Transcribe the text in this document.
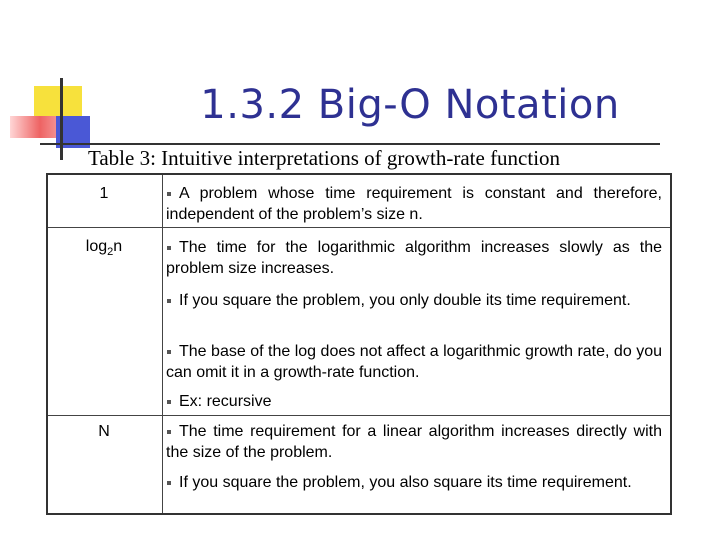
1.3.2 Big-O Notation
Table 3: Intuitive interpretations of growth-rate function
1	A problem whose time requirement is constant and therefore, independent of the problem’s size n.
$\log_2n$	The time for the logarithmic algorithm increases slowly as the problem size increases.
If you square the problem, you only double its time requirement.
The base of the log does not affect a logarithmic growth rate, do you can omit it in a growth-rate function.
Ex: recursive
N	The time requirement for a linear algorithm increases directly with the size of the problem.
If you square the problem, you also square its time requirement.
